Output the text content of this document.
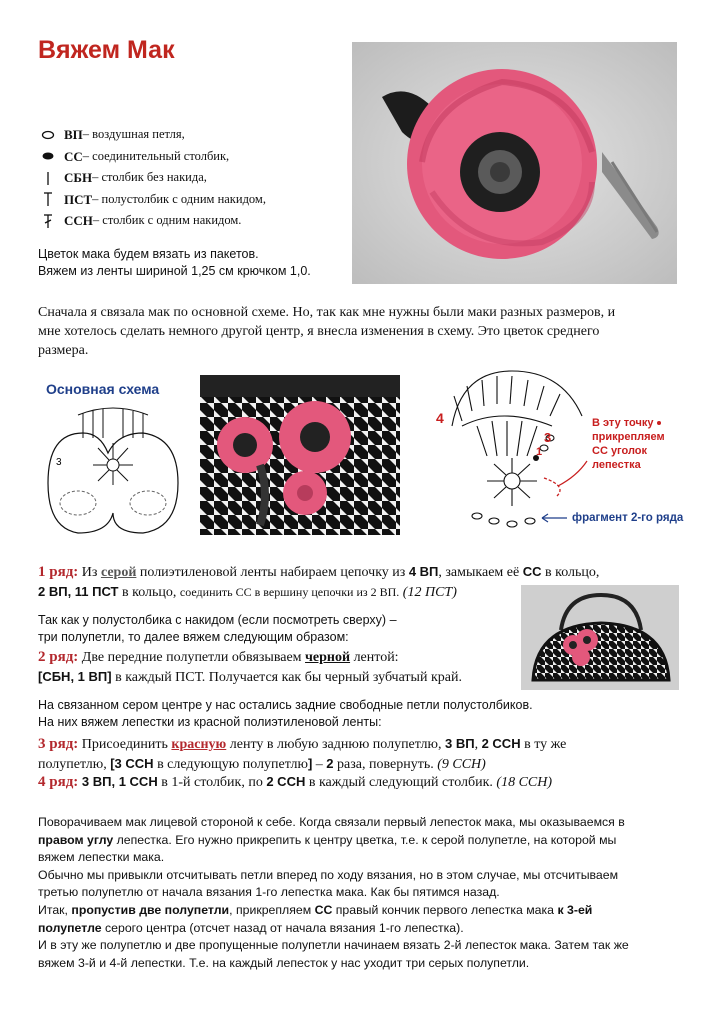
Вяжем Мак
ВП – воздушная петля,
СС – соединительный столбик,
СБН – столбик без накида,
ПСТ – полустолбик с одним накидом,
ССН – столбик с одним накидом.
Цветок мака будем вязать из пакетов.
Вяжем из ленты шириной 1,25 см крючком 1,0.
Сначала я связала мак по основной схеме. Но, так как мне нужны были маки разных размеров, и мне хотелось сделать немного другой центр, я внесла изменения в схему. Это цветок среднего размера.
Основная схема
3
4
3
1
В эту точку прикрепляем СС уголок лепестка
фрагмент 2-го ряда
1 ряд: Из серой полиэтиленовой ленты набираем цепочку из 4 ВП, замыкаем её СС в кольцо,
2 ВП, 11 ПСТ в кольцо, соединить СС в вершину цепочки из 2 ВП. (12 ПСТ)
Так как у полустолбика с накидом (если посмотреть сверху) –
три полупетли, то далее вяжем следующим образом:
2 ряд: Две передние полупетли обвязываем черной лентой:
[СБН, 1 ВП] в каждый ПСТ. Получается как бы черный зубчатый край.
На связанном сером центре у нас остались задние свободные петли полустолбиков.
На них вяжем лепестки из красной полиэтиленовой ленты:
3 ряд: Присоединить красную ленту в любую заднюю полупетлю, 3 ВП, 2 ССН в ту же
полупетлю, [3 ССН в следующую полупетлю] – 2 раза, повернуть. (9 ССН)
4 ряд: 3 ВП, 1 ССН в 1-й столбик, по 2 ССН в каждый следующий столбик. (18 ССН)
Поворачиваем мак лицевой стороной к себе. Когда связали первый лепесток мака, мы оказываемся в
правом углу лепестка. Его нужно прикрепить к центру цветка, т.е. к серой полупетле, на которой мы
вяжем лепестки мака.
Обычно мы привыкли отсчитывать петли вперед по ходу вязания, но в этом случае, мы отсчитываем
третью полупетлю от начала вязания 1-го лепестка мака. Как бы пятимся назад.
Итак, пропустив две полупетли, прикрепляем СС правый кончик первого лепестка мака к 3-ей
полупетле серого центра (отсчет назад от начала вязания 1-го лепестка).
И в эту же полупетлю и две пропущенные полупетли начинаем вязать 2-й лепесток мака. Затем так же
вяжем 3-й и 4-й лепестки. Т.е. на каждый лепесток у нас уходит три серых полупетли.
